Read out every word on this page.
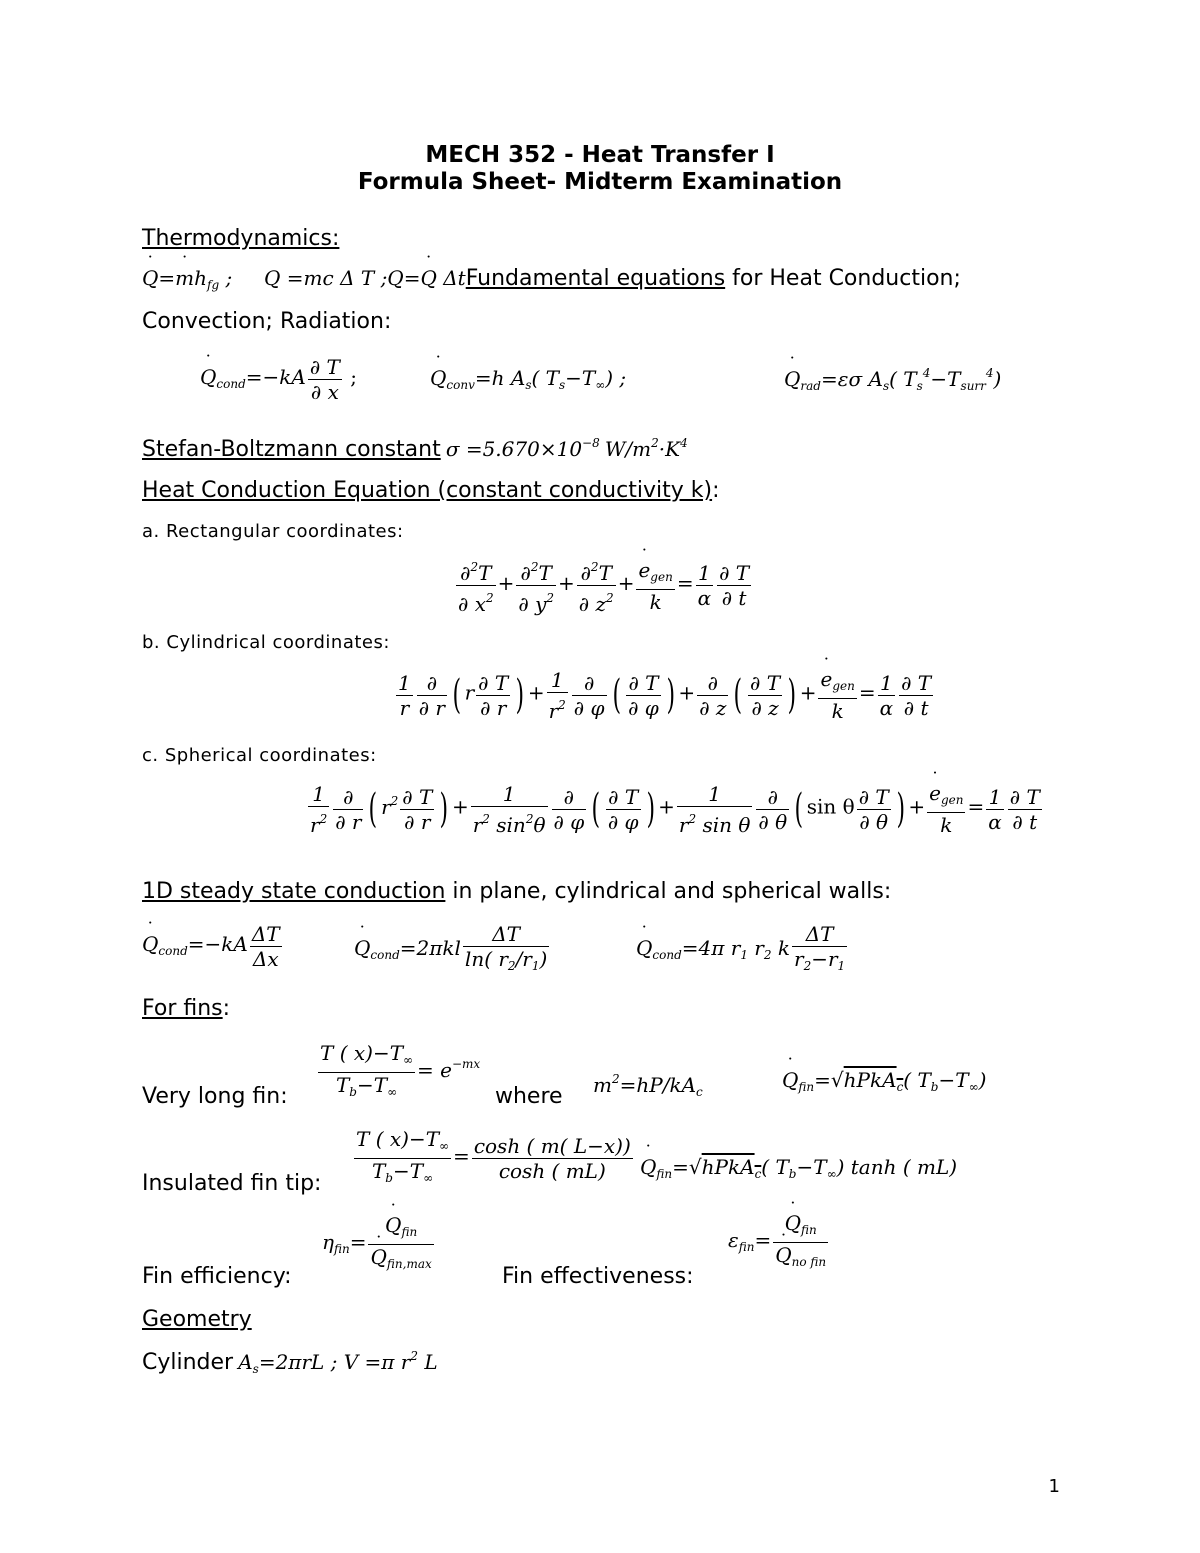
MECH 352 - Heat Transfer I
Formula Sheet- Midterm Examination
Thermodynamics:
˙ Q=˙ $mh_{fg}$ ;     Q =mc Δ T ;Q=˙ Q ΔtFundamental equations for Heat Conduction;
Convection; Radiation:
˙ $Q_{cond}=-kA \frac{\partial T}{\partial x}$ ;	˙ $Q_{conv}=h$ $A_s$( $T_s-T_\infty$) ;	˙ $Q_{rad}=\varepsilon\sigma$ $A_s$( $T_s^4-T_{surr}^4$)
Stefan-Boltzmann constant $\sigma =5.670\times 10^{-8}$ $W/m^2\cdot K^4$
Heat Conduction Equation (constant conductivity k):
a. Rectangular coordinates:
$\frac{\partial^2T}{\partial x^2} + \frac{\partial^2T}{\partial y^2} + \frac{\partial^2T}{\partial z^2}$ + ˙ $\frac{e_{gen}}{k} = \frac{1}{\alpha} \frac{\partial T}{\partial t}$
b. Cylindrical coordinates:
$\frac{1}{r} \frac{\partial}{\partial r}$ ( r $\frac{\partial T}{\partial r}$ ) + $\frac{1}{r^2} \frac{\partial}{\partial \varphi}$ ( $\frac{\partial T}{\partial \varphi}$ ) + $\frac{\partial}{\partial z}$ ( $\frac{\partial T}{\partial z}$ ) + ˙ $\frac{e_{gen}}{k} = \frac{1}{\alpha} \frac{\partial T}{\partial t}$
c. Spherical coordinates:
$\frac{1}{r^2} \frac{\partial}{\partial r}$ ( $r^2 \frac{\partial T}{\partial r}$ ) + $\frac{1}{r^2 \sin^2\theta} \frac{\partial}{\partial \varphi}$ ( $\frac{\partial T}{\partial \varphi}$ ) + $\frac{1}{r^2 \sin \theta} \frac{\partial}{\partial \theta}$ ( sin θ $\frac{\partial T}{\partial \theta}$ ) + ˙ $\frac{e_{gen}}{k} = \frac{1}{\alpha} \frac{\partial T}{\partial t}$
1D steady state conduction in plane, cylindrical and spherical walls:
˙ $Q_{cond}=-kA \frac{\Delta T}{\Delta x}$	˙ $Q_{cond}=2\pi kl \frac{\Delta T}{\ln( r_2/r_1)}$	˙ $Q_{cond}=4\pi$ $r_1$ $r_2$ k $\frac{\Delta T}{r_2-r_1}$
For fins:
Very long fin: $\frac{T ( x)-T_\infty}{T_b-T_\infty} = e^{-mx}$
where $m^2=hP/kA_c$	˙ $Q_{fin}=√hPkA_c$( $T_b-T_\infty$)
Insulated fin tip: $\frac{T ( x)-T_\infty}{T_b-T_\infty} = \frac{\cosh ( m( L-x))}{\cosh ( mL)}$ ˙ $Q_{fin}=√hPkA_c$( $T_b-T_\infty$) tanh ( mL)
Fin efficiency:
$\eta_{fin}=$ ˙ $Q_{fin}$
˙ $Q_{fin,max}$
Fin effectiveness:
$\varepsilon_{fin}=$ ˙ $Q_{fin}$
˙ $Q_{no fin}$
Geometry
Cylinder $A_s=2\pi rL$ ; V =π $r^2$ L
1
